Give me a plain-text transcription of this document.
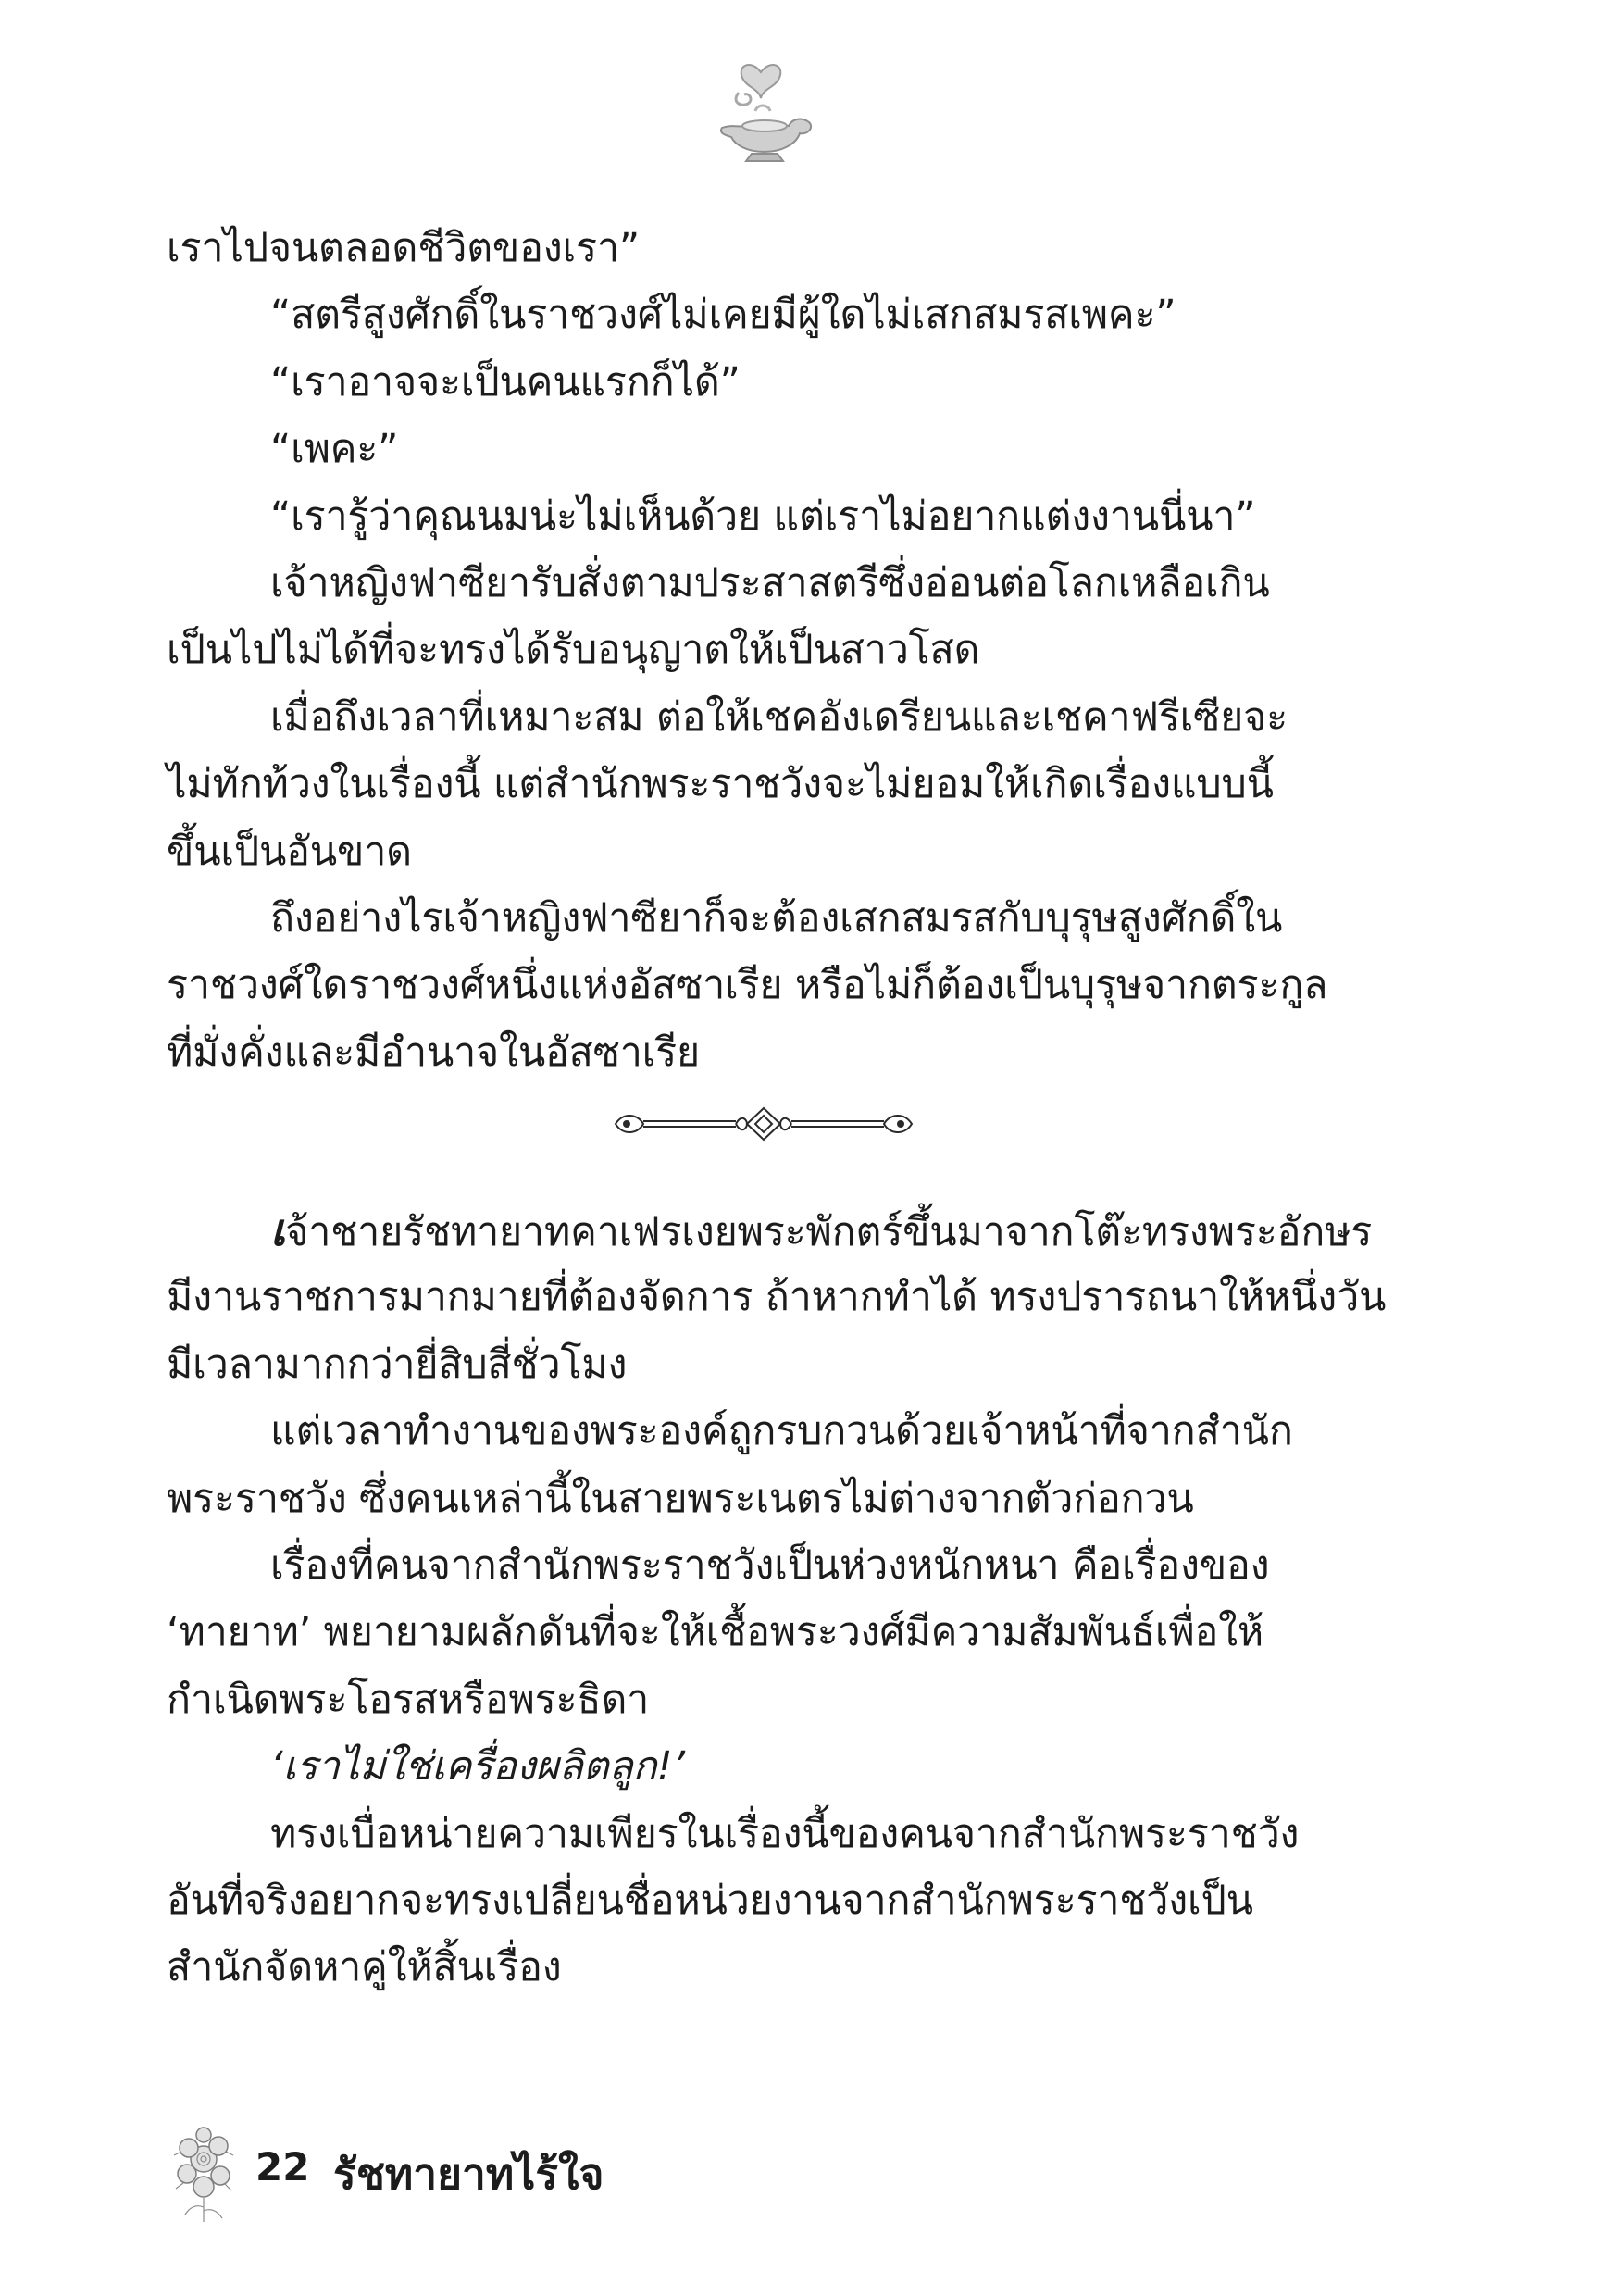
เราไปจนตลอดชีวิตของเรา”
“สตรีสูงศักดิ์ในราชวงศ์ไม่เคยมีผู้ใดไม่เสกสมรสเพคะ”
“เราอาจจะเป็นคนแรกก็ได้”
“เพคะ”
“เรารู้ว่าคุณนมน่ะไม่เห็นด้วย แต่เราไม่อยากแต่งงานนี่นา”
เจ้าหญิงฟาซียารับสั่งตามประสาสตรีซึ่งอ่อนต่อโลกเหลือเกิน
เป็นไปไม่ได้ที่จะทรงได้รับอนุญาตให้เป็นสาวโสด
เมื่อถึงเวลาที่เหมาะสม ต่อให้เชคอังเดรียนและเชคาฟรีเซียจะ
ไม่ทักท้วงในเรื่องนี้ แต่สำนักพระราชวังจะไม่ยอมให้เกิดเรื่องแบบนี้
ขึ้นเป็นอันขาด
ถึงอย่างไรเจ้าหญิงฟาซียาก็จะต้องเสกสมรสกับบุรุษสูงศักดิ์ใน
ราชวงศ์ใดราชวงศ์หนึ่งแห่งอัสซาเรีย หรือไม่ก็ต้องเป็นบุรุษจากตระกูล
ที่มั่งคั่งและมีอำนาจในอัสซาเรีย
เจ้าชายรัชทายาทคาเฟรเงยพระพักตร์ขึ้นมาจากโต๊ะทรงพระอักษร
มีงานราชการมากมายที่ต้องจัดการ ถ้าหากทำได้ ทรงปรารถนาให้หนึ่งวัน
มีเวลามากกว่ายี่สิบสี่ชั่วโมง
แต่เวลาทำงานของพระองค์ถูกรบกวนด้วยเจ้าหน้าที่จากสำนัก
พระราชวัง ซึ่งคนเหล่านี้ในสายพระเนตรไม่ต่างจากตัวก่อกวน
เรื่องที่คนจากสำนักพระราชวังเป็นห่วงหนักหนา คือเรื่องของ
‘ทายาท’ พยายามผลักดันที่จะให้เชื้อพระวงศ์มีความสัมพันธ์เพื่อให้
กำเนิดพระโอรสหรือพระธิดา
‘เราไม่ใช่เครื่องผลิตลูก!’
ทรงเบื่อหน่ายความเพียรในเรื่องนี้ของคนจากสำนักพระราชวัง
อันที่จริงอยากจะทรงเปลี่ยนชื่อหน่วยงานจากสำนักพระราชวังเป็น
สำนักจัดหาคู่ให้สิ้นเรื่อง
22 รัชทายาทไร้ใจ
